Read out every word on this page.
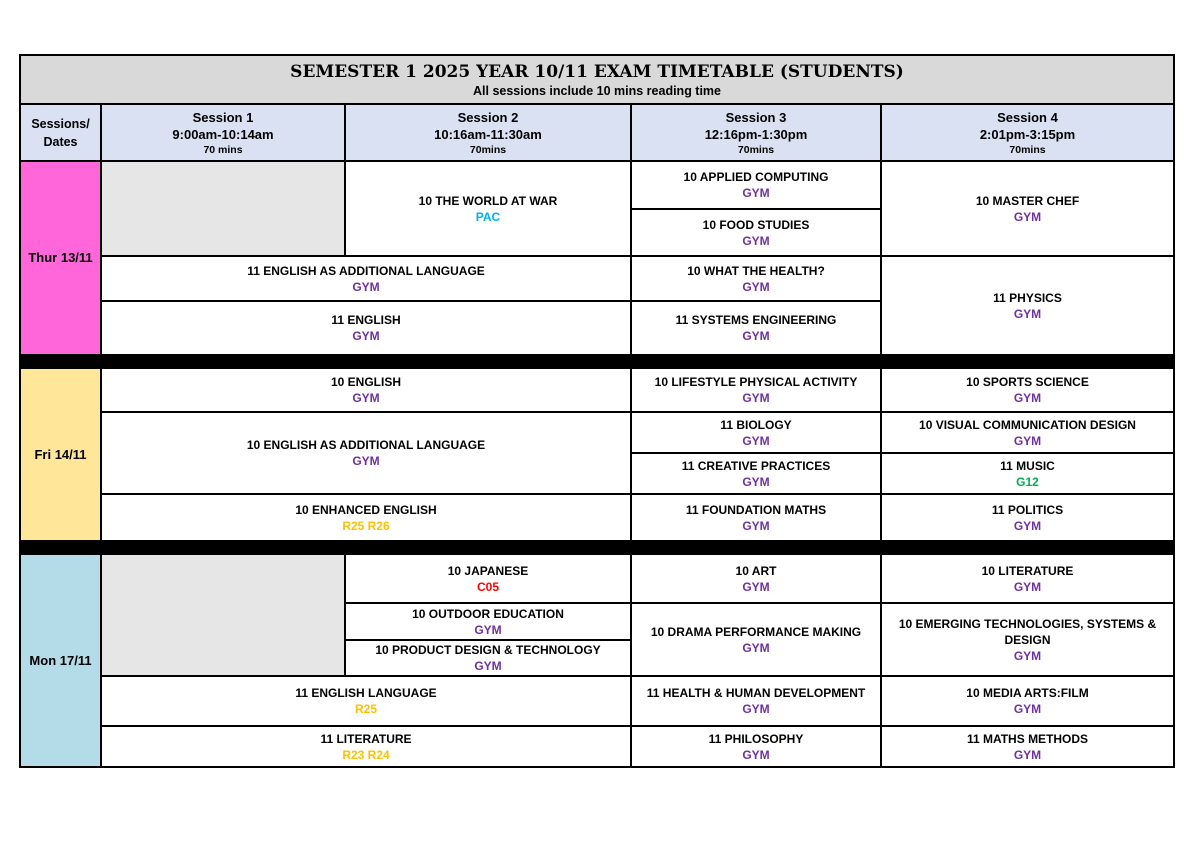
SEMESTER 1 2025 YEAR 10/11 EXAM TIMETABLE (STUDENTS)
All sessions include 10 mins reading time
Sessions/
Dates
Session 1
9:00am-10:14am
70 mins
Session 2
10:16am-11:30am
70mins
Session 3
12:16pm-1:30pm
70mins
Session 4
2:01pm-3:15pm
70mins
Thur 13/11
10 THE WORLD AT WAR
PAC
10 APPLIED COMPUTING
GYM
10 FOOD STUDIES
GYM
10 MASTER CHEF
GYM
11 ENGLISH AS ADDITIONAL LANGUAGE
GYM
10 WHAT THE HEALTH?
GYM
11 PHYSICS
GYM
11 ENGLISH
GYM
11 SYSTEMS ENGINEERING
GYM
Fri 14/11
10 ENGLISH
GYM
10 LIFESTYLE PHYSICAL ACTIVITY
GYM
10 SPORTS SCIENCE
GYM
10 ENGLISH AS ADDITIONAL LANGUAGE
GYM
11 BIOLOGY
GYM
10 VISUAL COMMUNICATION DESIGN
GYM
11 CREATIVE PRACTICES
GYM
11 MUSIC
G12
10 ENHANCED ENGLISH
R25 R26
11 FOUNDATION MATHS
GYM
11 POLITICS
GYM
Mon 17/11
10 JAPANESE
C05
10 ART
GYM
10 LITERATURE
GYM
10 OUTDOOR EDUCATION
GYM	10 DRAMA PERFORMANCE MAKING
GYM
10 EMERGING TECHNOLOGIES, SYSTEMS & DESIGN
GYM
10 PRODUCT DESIGN & TECHNOLOGY
GYM
11 ENGLISH LANGUAGE
R25
11 HEALTH & HUMAN DEVELOPMENT
GYM
10 MEDIA ARTS:FILM
GYM
11 LITERATURE
R23 R24
11 PHILOSOPHY
GYM
11 MATHS METHODS
GYM
